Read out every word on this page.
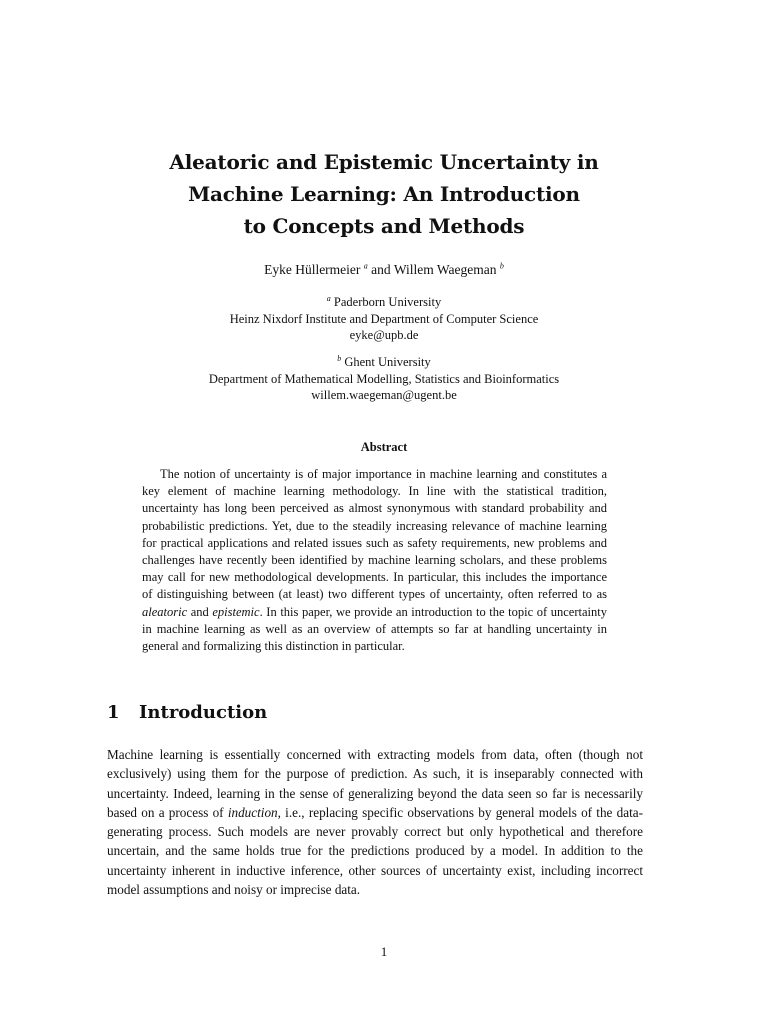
Aleatoric and Epistemic Uncertainty in
Machine Learning: An Introduction
to Concepts and Methods
Eyke Hüllermeier $^a$ and Willem Waegeman $^b$
$^a$ Paderborn University
Heinz Nixdorf Institute and Department of Computer Science
eyke@upb.de
$^b$ Ghent University
Department of Mathematical Modelling, Statistics and Bioinformatics
willem.waegeman@ugent.be
Abstract
The notion of uncertainty is of major importance in machine learning and constitutes a key element of machine learning methodology. In line with the statistical tradition, uncertainty has long been perceived as almost synonymous with standard probability and probabilistic predictions. Yet, due to the steadily increasing relevance of machine learning for practical applications and related issues such as safety requirements, new problems and challenges have recently been identified by machine learning scholars, and these problems may call for new methodological developments. In particular, this includes the importance of distinguishing between (at least) two different types of uncertainty, often referred to as aleatoric and epistemic. In this paper, we provide an introduction to the topic of uncertainty in machine learning as well as an overview of attempts so far at handling uncertainty in general and formalizing this distinction in particular.
1 Introduction
Machine learning is essentially concerned with extracting models from data, often (though not exclusively) using them for the purpose of prediction. As such, it is inseparably connected with uncertainty. Indeed, learning in the sense of generalizing beyond the data seen so far is necessarily based on a process of induction, i.e., replacing specific observations by general models of the data-generating process. Such models are never provably correct but only hypothetical and therefore uncertain, and the same holds true for the predictions produced by a model. In addition to the uncertainty inherent in inductive inference, other sources of uncertainty exist, including incorrect model assumptions and noisy or imprecise data.
1
